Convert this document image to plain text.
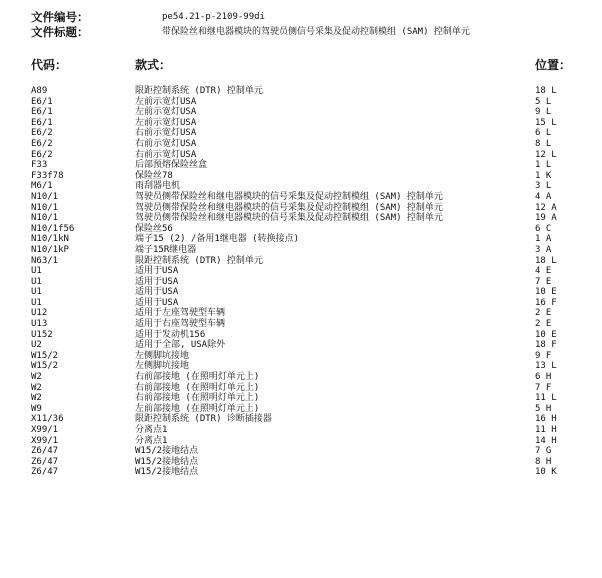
文件编号：	pe54.21-p-2109-99di
文件标题：	带保险丝和继电器模块的驾驶员侧信号采集及促动控制模组 (SAM) 控制单元
代码：	款式：	位置：
A89	限距控制系统 (DTR) 控制单元	18 L
E6/1	左前示宽灯USA	5 L
E6/1	左前示宽灯USA	9 L
E6/1	左前示宽灯USA	15 L
E6/2	右前示宽灯USA	6 L
E6/2	右前示宽灯USA	8 L
E6/2	右前示宽灯USA	12 L
F33	后部预熔保险丝盒	1 L
F33f78	保险丝78	1 K
M6/1	雨刮器电机	3 L
N10/1	驾驶员侧带保险丝和继电器模块的信号采集及促动控制模组 (SAM) 控制单元	4 A
N10/1	驾驶员侧带保险丝和继电器模块的信号采集及促动控制模组 (SAM) 控制单元	12 A
N10/1	驾驶员侧带保险丝和继电器模块的信号采集及促动控制模组 (SAM) 控制单元	19 A
N10/1f56	保险丝56	6 C
N10/1kN	端子15 (2) /备用1继电器 (转换接点)	1 A
N10/1kP	端子15R继电器	3 A
N63/1	限距控制系统 (DTR) 控制单元	18 L
U1	适用于USA	4 E
U1	适用于USA	7 E
U1	适用于USA	10 E
U1	适用于USA	16 F
U12	适用于左座驾驶型车辆	2 E
U13	适用于右座驾驶型车辆	2 E
U152	适用于发动机156	10 E
U2	适用于全部, USA除外	18 F
W15/2	左侧脚坑接地	9 F
W15/2	左侧脚坑接地	13 L
W2	右前部接地 (在照明灯单元上)	6 H
W2	右前部接地 (在照明灯单元上)	7 F
W2	右前部接地 (在照明灯单元上)	11 L
W9	左前部接地 (在照明灯单元上)	5 H
X11/36	限距控制系统 (DTR) 诊断插接器	16 H
X99/1	分离点1	11 H
X99/1	分离点1	14 H
Z6/47	W15/2接地结点	7 G
Z6/47	W15/2接地结点	8 H
Z6/47	W15/2接地结点	10 K
